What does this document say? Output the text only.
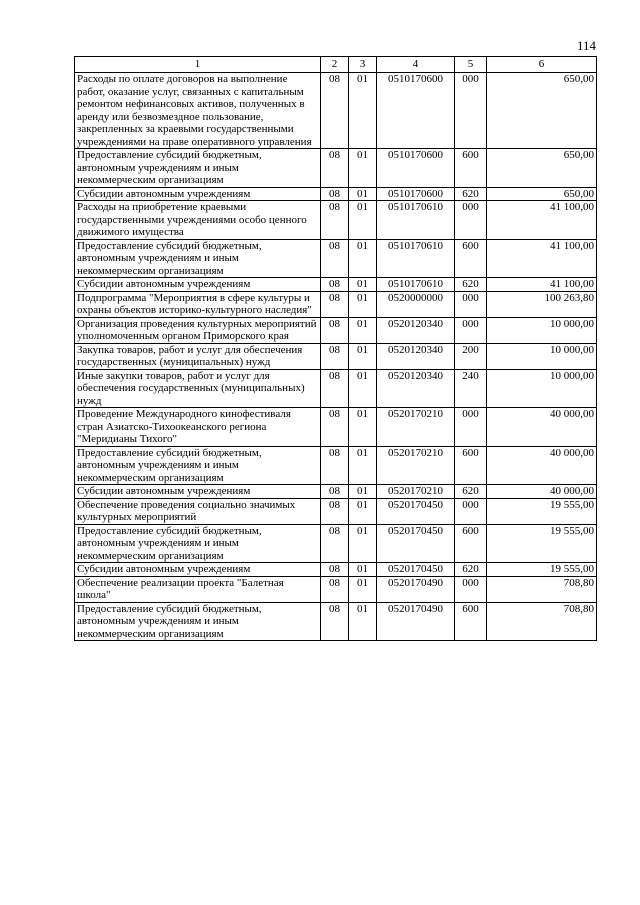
114
1	2	3	4	5	6
Расходы по оплате договоров на выполнение работ, оказание услуг, связанных с капитальным ремонтом нефинансовых активов, полученных в аренду или безвозмездное пользование, закрепленных за краевыми государственными учреждениями на праве оперативного управления	08	01	0510170600	000	650,00
Предоставление субсидий бюджетным, автономным учреждениям и иным некоммерческим организациям	08	01	0510170600	600	650,00
Субсидии автономным учреждениям	08	01	0510170600	620	650,00
Расходы на приобретение краевыми государственными учреждениями особо ценного движимого имущества	08	01	0510170610	000	41 100,00
Предоставление субсидий бюджетным, автономным учреждениям и иным некоммерческим организациям	08	01	0510170610	600	41 100,00
Субсидии автономным учреждениям	08	01	0510170610	620	41 100,00
Подпрограмма "Мероприятия в сфере культуры и охраны объектов историко-культурного наследия"	08	01	0520000000	000	100 263,80
Организация проведения культурных мероприятий уполномоченным органом Приморского края	08	01	0520120340	000	10 000,00
Закупка товаров, работ и услуг для обеспечения государственных (муниципальных) нужд	08	01	0520120340	200	10 000,00
Иные закупки товаров, работ и услуг для обеспечения государственных (муниципальных) нужд	08	01	0520120340	240	10 000,00
Проведение Международного кинофестиваля стран Азиатско-Тихоокеанского региона "Меридианы Тихого"	08	01	0520170210	000	40 000,00
Предоставление субсидий бюджетным, автономным учреждениям и иным некоммерческим организациям	08	01	0520170210	600	40 000,00
Субсидии автономным учреждениям	08	01	0520170210	620	40 000,00
Обеспечение проведения социально значимых культурных мероприятий	08	01	0520170450	000	19 555,00
Предоставление субсидий бюджетным, автономным учреждениям и иным некоммерческим организациям	08	01	0520170450	600	19 555,00
Субсидии автономным учреждениям	08	01	0520170450	620	19 555,00
Обеспечение реализации проекта "Балетная школа"	08	01	0520170490	000	708,80
Предоставление субсидий бюджетным, автономным учреждениям и иным некоммерческим организациям	08	01	0520170490	600	708,80
